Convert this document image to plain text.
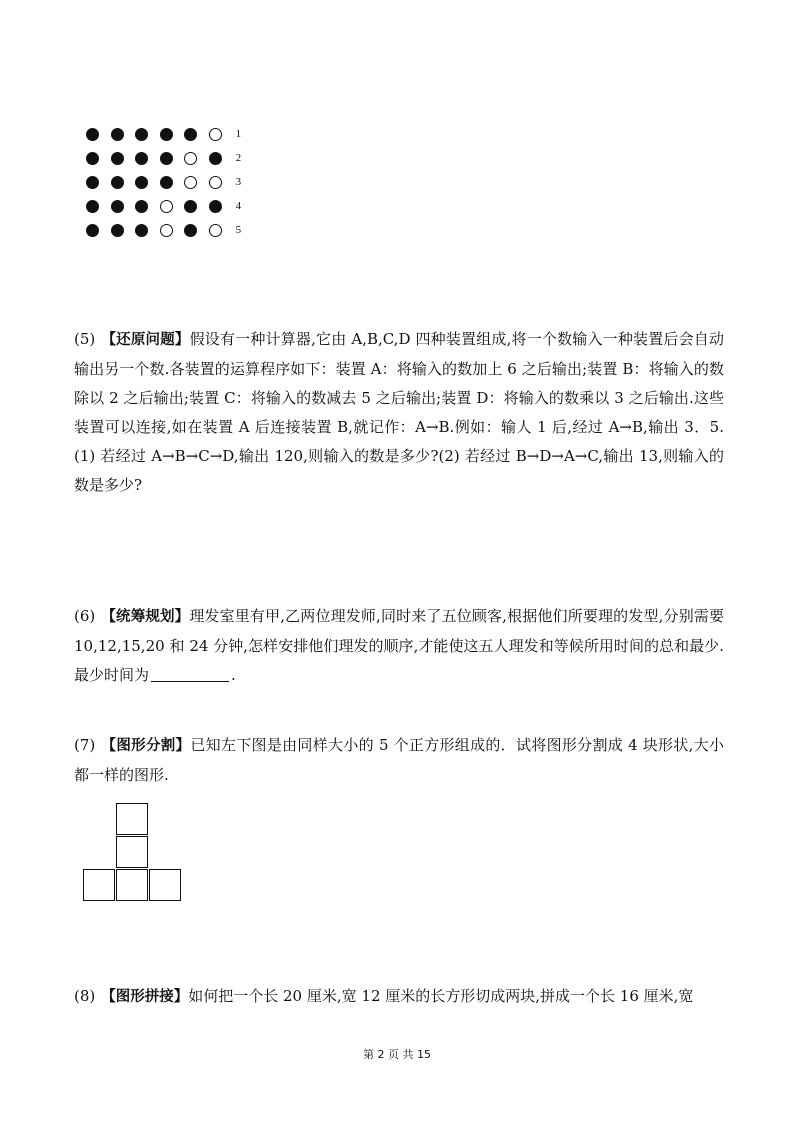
1
2
3
4
5
(5) 【还原问题】假设有一种计算器,它由 A,B,C,D 四种装置组成,将一个数输入一种装置后会自动输出另一个数.各装置的运算程序如下：装置 A：将输入的数加上 6 之后输出;装置 B：将输入的数除以 2 之后输出;装置 C：将输入的数减去 5 之后输出;装置 D：将输入的数乘以 3 之后输出.这些装置可以连接,如在装置 A 后连接装置 B,就记作：A→B.例如：输人 1 后,经过 A→B,输出 3．5.(1) 若经过 A→B→C→D,输出 120,则输入的数是多少?(2) 若经过 B→D→A→C,输出 13,则输入的数是多少?
(6) 【统筹规划】理发室里有甲,乙两位理发师,同时来了五位顾客,根据他们所要理的发型,分别需要 10,12,15,20 和 24 分钟,怎样安排他们理发的顺序,才能使这五人理发和等候所用时间的总和最少.最少时间为	.
(7) 【图形分割】已知左下图是由同样大小的 5 个正方形组成的．试将图形分割成 4 块形状,大小都一样的图形.
(8) 【图形拼接】如何把一个长 20 厘米,宽 12 厘米的长方形切成两块,拼成一个长 16 厘米,宽
第 2 页 共 15
